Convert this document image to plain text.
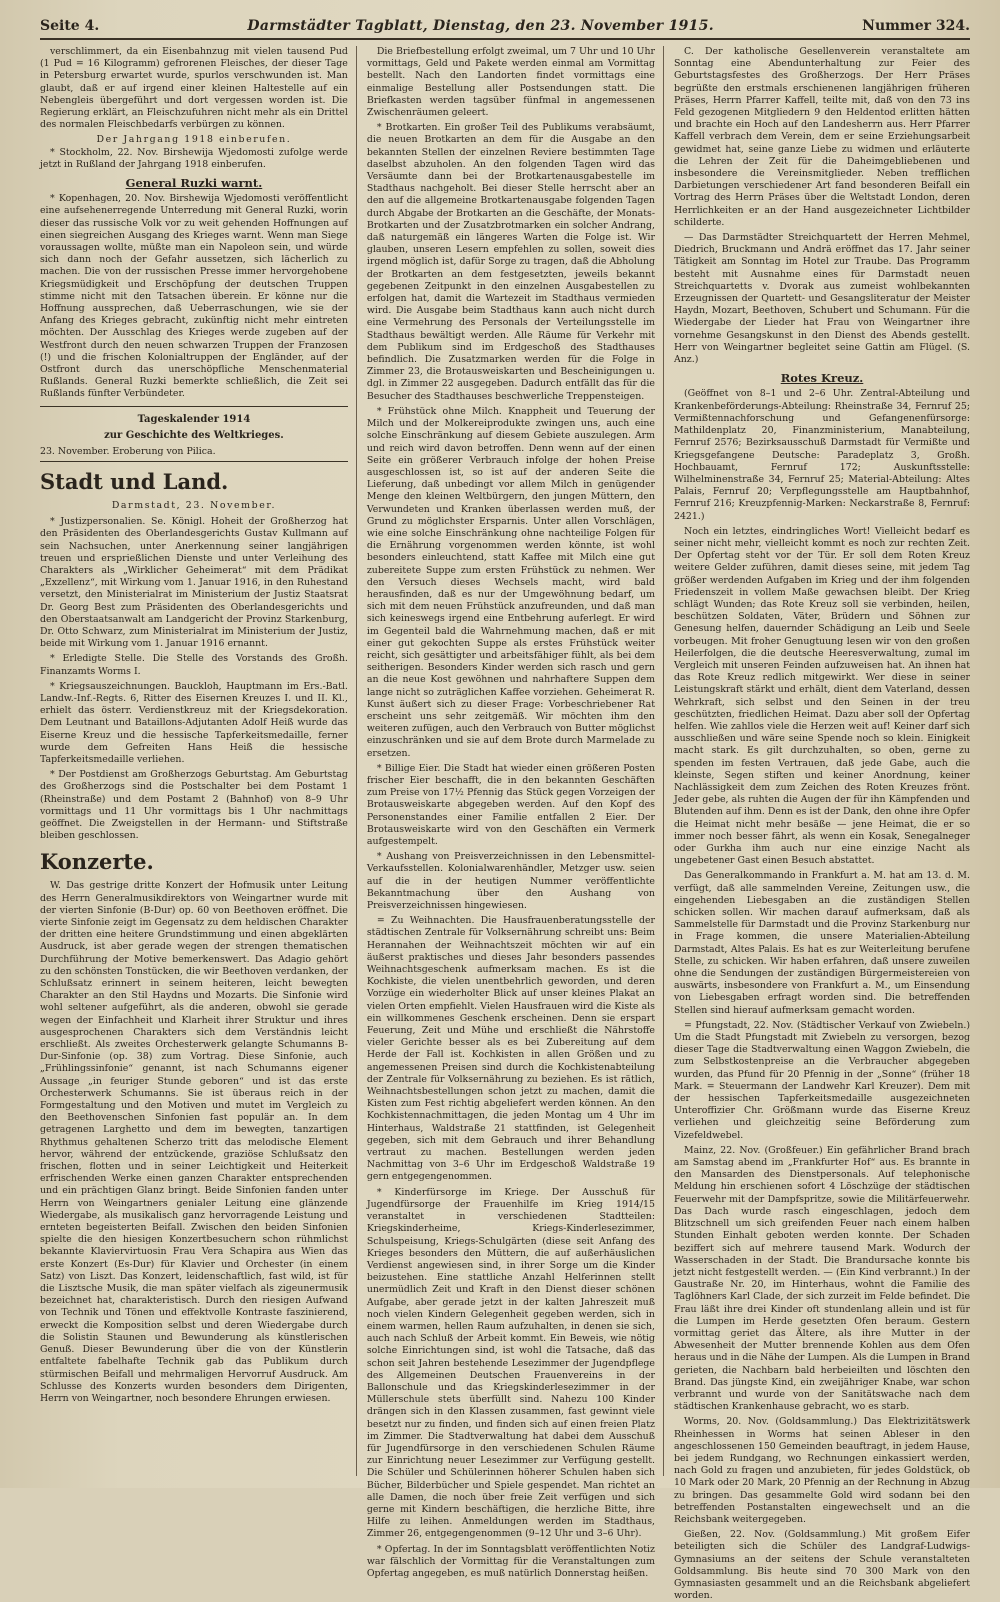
Seite 4.	Darmstädter Tagblatt, Dienstag, den 23. November 1915.	Nummer 324.

verschlimmert, da ein Eisenbahnzug mit vielen tausend Pud (1 Pud = 16 Kilogramm) gefrorenen Fleisches, der dieser Tage in Petersburg erwartet wurde, spurlos verschwunden ist. Man glaubt, daß er auf irgend einer kleinen Haltestelle auf ein Nebengleis übergeführt und dort vergessen worden ist. Die Regierung erklärt, an Fleischzufuhren nicht mehr als ein Drittel des normalen Fleischbedarfs verbürgen zu können.

Der Jahrgang 1918 einberufen.

* Stockholm, 22. Nov. Birshewija Wjedomosti zufolge werde jetzt in Rußland der Jahrgang 1918 einberufen.

General Ruzki warnt.

* Kopenhagen, 20. Nov. Birshewija Wjedomosti veröffentlicht eine aufsehenerregende Unterredung mit General Ruzki, worin dieser das russische Volk vor zu weit gehenden Hoffnungen auf einen siegreichen Ausgang des Krieges warnt. Wenn man Siege voraussagen wollte, müßte man ein Napoleon sein, und würde sich dann noch der Gefahr aussetzen, sich lächerlich zu machen. Die von der russischen Presse immer hervorgehobene Kriegsmüdigkeit und Erschöpfung der deutschen Truppen stimme nicht mit den Tatsachen überein. Er könne nur die Hoffnung aussprechen, daß Ueberraschungen, wie sie der Anfang des Krieges gebracht, zukünftig nicht mehr eintreten möchten. Der Ausschlag des Krieges werde zugeben auf der Westfront durch den neuen schwarzen Truppen der Franzosen (!) und die frischen Kolonialtruppen der Engländer, auf der Ostfront durch das unerschöpfliche Menschenmaterial Rußlands. General Ruzki bemerkte schließlich, die Zeit sei Rußlands fünfter Verbündeter.

Tageskalender 1914
zur Geschichte des Weltkrieges.
23. November. Eroberung von Pilica.
Stadt und Land.
Darmstadt, 23. November.

* Justizpersonalien. Se. Königl. Hoheit der Großherzog hat den Präsidenten des Oberlandesgerichts Gustav Kullmann auf sein Nachsuchen, unter Anerkennung seiner langjährigen treuen und ersprießlichen Dienste und unter Verleihung des Charakters als „Wirklicher Geheimerat“ mit dem Prädikat „Exzellenz“, mit Wirkung vom 1. Januar 1916, in den Ruhestand versetzt, den Ministerialrat im Ministerium der Justiz Staatsrat Dr. Georg Best zum Präsidenten des Oberlandesgerichts und den Oberstaatsanwalt am Landgericht der Provinz Starkenburg, Dr. Otto Schwarz, zum Ministerialrat im Ministerium der Justiz, beide mit Wirkung vom 1. Januar 1916 ernannt.

* Erledigte Stelle. Die Stelle des Vorstands des Großh. Finanzamts Worms I.

* Kriegsauszeichnungen. Bauckloh, Hauptmann im Ers.-Batl. Landw.-Inf.-Regts. 6, Ritter des Eisernen Kreuzes I. und II. Kl., erhielt das österr. Verdienstkreuz mit der Kriegsdekoration. Dem Leutnant und Bataillons-Adjutanten Adolf Heiß wurde das Eiserne Kreuz und die hessische Tapferkeitsmedaille, ferner wurde dem Gefreiten Hans Heiß die hessische Tapferkeitsmedaille verliehen.

* Der Postdienst am Großherzogs Geburtstag. Am Geburtstag des Großherzogs sind die Postschalter bei dem Postamt 1 (Rheinstraße) und dem Postamt 2 (Bahnhof) von 8–9 Uhr vormittags und 11 Uhr vormittags bis 1 Uhr nachmittags geöffnet. Die Zweigstellen in der Hermann- und Stiftstraße bleiben geschlossen.

Konzerte.

W. Das gestrige dritte Konzert der Hofmusik unter Leitung des Herrn Generalmusikdirektors von Weingartner wurde mit der vierten Sinfonie (B-Dur) op. 60 von Beethoven eröffnet. Die vierte Sinfonie zeigt im Gegensatz zu dem heldischen Charakter der dritten eine heitere Grundstimmung und einen abgeklärten Ausdruck, ist aber gerade wegen der strengen thematischen Durchführung der Motive bemerkenswert. Das Adagio gehört zu den schönsten Tonstücken, die wir Beethoven verdanken, der Schlußsatz erinnert in seinem heiteren, leicht bewegten Charakter an den Stil Haydns und Mozarts. Die Sinfonie wird wohl seltener aufgeführt, als die anderen, obwohl sie gerade wegen der Einfachheit und Klarheit ihrer Struktur und ihres ausgesprochenen Charakters sich dem Verständnis leicht erschließt. Als zweites Orchesterwerk gelangte Schumanns B-Dur-Sinfonie (op. 38) zum Vortrag. Diese Sinfonie, auch „Frühlingssinfonie“ genannt, ist nach Schumanns eigener Aussage „in feuriger Stunde geboren“ und ist das erste Orchesterwerk Schumanns. Sie ist überaus reich in der Formgestaltung und den Motiven und mutet im Vergleich zu den Beethovenschen Sinfonien fast populär an. In dem getragenen Larghetto und dem im bewegten, tanzartigen Rhythmus gehaltenen Scherzo tritt das melodische Element hervor, während der entzückende, graziöse Schlußsatz den frischen, flotten und in seiner Leichtigkeit und Heiterkeit erfrischenden Werke einen ganzen Charakter entsprechenden und ein prächtigen Glanz bringt. Beide Sinfonien fanden unter Herrn von Weingartners genialer Leitung eine glänzende Wiedergabe, als musikalisch ganz hervorragende Leistung und ernteten begeisterten Beifall. Zwischen den beiden Sinfonien spielte die den hiesigen Konzertbesuchern schon rühmlichst bekannte Klaviervirtuosin Frau Vera Schapira aus Wien das erste Konzert (Es-Dur) für Klavier und Orchester (in einem Satz) von Liszt. Das Konzert, leidenschaftlich, fast wild, ist für die Lisztsche Musik, die man später vielfach als zigeunermusik bezeichnet hat, charakteristisch. Durch den riesigen Aufwand von Technik und Tönen und effektvolle Kontraste faszinierend, erweckt die Komposition selbst und deren Wiedergabe durch die Solistin Staunen und Bewunderung als künstlerischen Genuß. Dieser Bewunderung über die von der Künstlerin entfaltete fabelhafte Technik gab das Publikum durch stürmischen Beifall und mehrmaligen Hervorruf Ausdruck. Am Schlusse des Konzerts wurden besonders dem Dirigenten, Herrn von Weingartner, noch besondere Ehrungen erwiesen.

Die Briefbestellung erfolgt zweimal, um 7 Uhr und 10 Uhr vormittags, Geld und Pakete werden einmal am Vormittag bestellt. Nach den Landorten findet vormittags eine einmalige Bestellung aller Postsendungen statt. Die Briefkasten werden tagsüber fünfmal in angemessenen Zwischenräumen geleert.

* Brotkarten. Ein großer Teil des Publikums verabsäumt, die neuen Brotkarten an dem für die Ausgabe an den bekannten Stellen der einzelnen Reviere bestimmten Tage daselbst abzuholen. An den folgenden Tagen wird das Versäumte dann bei der Brotkartenausgabestelle im Stadthaus nachgeholt. Bei dieser Stelle herrscht aber an den auf die allgemeine Brotkartenausgabe folgenden Tagen durch Abgabe der Brotkarten an die Geschäfte, der Monats-Brotkarten und der Zusatzbrotmarken ein solcher Andrang, daß naturgemäß ein längeres Warten die Folge ist. Wir glauben, unseren Lesern empfehlen zu sollen, soweit dies irgend möglich ist, dafür Sorge zu tragen, daß die Abholung der Brotkarten an dem festgesetzten, jeweils bekannt gegebenen Zeitpunkt in den einzelnen Ausgabestellen zu erfolgen hat, damit die Wartezeit im Stadthaus vermieden wird. Die Ausgabe beim Stadthaus kann auch nicht durch eine Vermehrung des Personals der Verteilungsstelle im Stadthaus bewältigt werden. Alle Räume für Verkehr mit dem Publikum sind im Erdgeschoß des Stadthauses befindlich. Die Zusatzmarken werden für die Folge in Zimmer 23, die Brotausweiskarten und Bescheinigungen u. dgl. in Zimmer 22 ausgegeben. Dadurch entfällt das für die Besucher des Stadthauses beschwerliche Treppensteigen.

* Frühstück ohne Milch. Knappheit und Teuerung der Milch und der Molkereiprodukte zwingen uns, auch eine solche Einschränkung auf diesem Gebiete auszulegen. Arm und reich wird davon betroffen. Denn wenn auf der einen Seite ein größerer Verbrauch infolge der hohen Preise ausgeschlossen ist, so ist auf der anderen Seite die Lieferung, daß unbedingt vor allem Milch in genügender Menge den kleinen Weltbürgern, den jungen Müttern, den Verwundeten und Kranken überlassen werden muß, der Grund zu möglichster Ersparnis. Unter allen Vorschlägen, wie eine solche Einschränkung ohne nachteilige Folgen für die Ernährung vorgenommen werden könnte, ist wohl besonders einleuchtend, statt Kaffee mit Milch eine gut zubereitete Suppe zum ersten Frühstück zu nehmen. Wer den Versuch dieses Wechsels macht, wird bald herausfinden, daß es nur der Umgewöhnung bedarf, um sich mit dem neuen Frühstück anzufreunden, und daß man sich keineswegs irgend eine Entbehrung auferlegt. Er wird im Gegenteil bald die Wahrnehmung machen, daß er mit einer gut gekochten Suppe als erstes Frühstück weiter reicht, sich gesättigter und arbeitsfähiger fühlt, als bei dem seitherigen. Besonders Kinder werden sich rasch und gern an die neue Kost gewöhnen und nahrhaftere Suppen dem lange nicht so zuträglichen Kaffee vorziehen. Geheimerat R. Kunst äußert sich zu dieser Frage: Vorbeschriebener Rat erscheint uns sehr zeitgemäß. Wir möchten ihm den weiteren zufügen, auch den Verbrauch von Butter möglichst einzuschränken und sie auf dem Brote durch Marmelade zu ersetzen.

* Billige Eier. Die Stadt hat wieder einen größeren Posten frischer Eier beschafft, die in den bekannten Geschäften zum Preise von 17½ Pfennig das Stück gegen Vorzeigen der Brotausweiskarte abgegeben werden. Auf den Kopf des Personenstandes einer Familie entfallen 2 Eier. Der Brotausweiskarte wird von den Geschäften ein Vermerk aufgestempelt.

* Aushang von Preisverzeichnissen in den Lebensmittel-Verkaufsstellen. Kolonialwarenhändler, Metzger usw. seien auf die in der heutigen Nummer veröffentlichte Bekanntmachung über den Aushang von Preisverzeichnissen hingewiesen.

= Zu Weihnachten. Die Hausfrauenberatungsstelle der städtischen Zentrale für Volksernährung schreibt uns: Beim Herannahen der Weihnachtszeit möchten wir auf ein äußerst praktisches und dieses Jahr besonders passendes Weihnachtsgeschenk aufmerksam machen. Es ist die Kochkiste, die vielen unentbehrlich geworden, und deren Vorzüge ein wiederholter Blick auf unser kleines Plakat an vielen Orten empfiehlt. Vielen Hausfrauen wird die Kiste als ein willkommenes Geschenk erscheinen. Denn sie erspart Feuerung, Zeit und Mühe und erschließt die Nährstoffe vieler Gerichte besser als es bei Zubereitung auf dem Herde der Fall ist. Kochkisten in allen Größen und zu angemessenen Preisen sind durch die Kochkistenabteilung der Zentrale für Volksernährung zu beziehen. Es ist rätlich, Weihnachtsbestellungen schon jetzt zu machen, damit die Kisten zum Fest richtig abgeliefert werden können. An den Kochkistennachmittagen, die jeden Montag um 4 Uhr im Hinterhaus, Waldstraße 21 stattfinden, ist Gelegenheit gegeben, sich mit dem Gebrauch und ihrer Behandlung vertraut zu machen. Bestellungen werden jeden Nachmittag von 3–6 Uhr im Erdgeschoß Waldstraße 19 gern entgegengenommen.

* Kinderfürsorge im Kriege. Der Ausschuß für Jugendfürsorge der Frauenhilfe im Krieg 1914/15 veranstaltet in verschiedenen Stadtteilen: Kriegskinderheime, Kriegs-Kinderlesezimmer, Schulspeisung, Kriegs-Schulgärten (diese seit Anfang des Krieges besonders den Müttern, die auf außerhäuslichen Verdienst angewiesen sind, in ihrer Sorge um die Kinder beizustehen. Eine stattliche Anzahl Helferinnen stellt unermüdlich Zeit und Kraft in den Dienst dieser schönen Aufgabe, aber gerade jetzt in der kalten Jahreszeit muß noch vielen Kindern Gelegenheit gegeben werden, sich in einem warmen, hellen Raum aufzuhalten, in denen sie sich, auch nach Schluß der Arbeit kommt. Ein Beweis, wie nötig solche Einrichtungen sind, ist wohl die Tatsache, daß das schon seit Jahren bestehende Lesezimmer der Jugendpflege des Allgemeinen Deutschen Frauenvereins in der Ballonschule und das Kriegskinderlesezimmer in der Müllerschule stets überfüllt sind. Nahezu 100 Kinder drängen sich in den Klassen zusammen, fast gewinnt viele besetzt nur zu finden, und finden sich auf einen freien Platz im Zimmer. Die Stadtverwaltung hat dabei dem Ausschuß für Jugendfürsorge in den verschiedenen Schulen Räume zur Einrichtung neuer Lesezimmer zur Verfügung gestellt. Die Schüler und Schülerinnen höherer Schulen haben sich Bücher, Bilderbücher und Spiele gespendet. Man richtet an alle Damen, die noch über freie Zeit verfügen und sich gerne mit Kindern beschäftigen, die herzliche Bitte, ihre Hilfe zu leihen. Anmeldungen werden im Stadthaus, Zimmer 26, entgegengenommen (9–12 Uhr und 3–6 Uhr).

* Opfertag. In der im Sonntagsblatt veröffentlichten Notiz war fälschlich der Vormittag für die Veranstaltungen zum Opfertag angegeben, es muß natürlich Donnerstag heißen.

C. Der katholische Gesellenverein veranstaltete am Sonntag eine Abendunterhaltung zur Feier des Geburtstagsfestes des Großherzogs. Der Herr Präses begrüßte den erstmals erschienenen langjährigen früheren Präses, Herrn Pfarrer Kaffell, teilte mit, daß von den 73 ins Feld gezogenen Mitgliedern 9 den Heldentod erlitten hätten und brachte ein Hoch auf den Landesherrn aus. Herr Pfarrer Kaffell verbrach dem Verein, dem er seine Erziehungsarbeit gewidmet hat, seine ganze Liebe zu widmen und erläuterte die Lehren der Zeit für die Daheimgebliebenen und insbesondere die Vereinsmitglieder. Neben trefflichen Darbietungen verschiedener Art fand besonderen Beifall ein Vortrag des Herrn Präses über die Weltstadt London, deren Herrlichkeiten er an der Hand ausgezeichneter Lichtbilder schilderte.

— Das Darmstädter Streichquartett der Herren Mehmel, Diedrich, Bruckmann und Andrä eröffnet das 17. Jahr seiner Tätigkeit am Sonntag im Hotel zur Traube. Das Programm besteht mit Ausnahme eines für Darmstadt neuen Streichquartetts v. Dvorak aus zumeist wohlbekannten Erzeugnissen der Quartett- und Gesangsliteratur der Meister Haydn, Mozart, Beethoven, Schubert und Schumann. Für die Wiedergabe der Lieder hat Frau von Weingartner ihre vornehme Gesangskunst in den Dienst des Abends gestellt. Herr von Weingartner begleitet seine Gattin am Flügel. (S. Anz.)

Rotes Kreuz.

(Geöffnet von 8–1 und 2–6 Uhr. Zentral-Abteilung und Krankenbeförderungs-Abteilung: Rheinstraße 34, Fernruf 25; Vermißtennachforschung und Gefangenenfürsorge: Mathildenplatz 20, Finanzministerium, Manabteilung, Fernruf 2576; Bezirksausschuß Darmstadt für Vermißte und Kriegsgefangene Deutsche: Paradeplatz 3, Großh. Hochbauamt, Fernruf 172; Auskunftsstelle: Wilhelminenstraße 34, Fernruf 25; Material-Abteilung: Altes Palais, Fernruf 20; Verpflegungsstelle am Hauptbahnhof, Fernruf 216; Kreuzpfennig-Marken: Neckarstraße 8, Fernruf: 2421.)

Noch ein letztes, eindringliches Wort! Vielleicht bedarf es seiner nicht mehr, vielleicht kommt es noch zur rechten Zeit. Der Opfertag steht vor der Tür. Er soll dem Roten Kreuz weitere Gelder zuführen, damit dieses seine, mit jedem Tag größer werdenden Aufgaben im Krieg und der ihm folgenden Friedenszeit in vollem Maße gewachsen bleibt. Der Krieg schlägt Wunden; das Rote Kreuz soll sie verbinden, heilen, beschützen Soldaten, Väter, Brüdern und Söhnen zur Genesung helfen, dauernder Schädigung an Leib und Seele vorbeugen. Mit froher Genugtuung lesen wir von den großen Heilerfolgen, die die deutsche Heeresverwaltung, zumal im Vergleich mit unseren Feinden aufzuweisen hat. An ihnen hat das Rote Kreuz redlich mitgewirkt. Wer diese in seiner Leistungskraft stärkt und erhält, dient dem Vaterland, dessen Wehrkraft, sich selbst und den Seinen in der treu geschützten, friedlichen Heimat. Dazu aber soll der Opfertag helfen. Wie zahllos viele die Herzen weit auf! Keiner darf sich ausschließen und wäre seine Spende noch so klein. Einigkeit macht stark. Es gilt durchzuhalten, so oben, gerne zu spenden im festen Vertrauen, daß jede Gabe, auch die kleinste, Segen stiften und keiner Anordnung, keiner Nachlässigkeit dem zum Zeichen des Roten Kreuzes frönt. Jeder gebe, als ruhten die Augen der für ihn Kämpfenden und Blutenden auf ihm. Denn es ist der Dank, den ohne ihre Opfer die Heimat nicht mehr besäße — jene Heimat, die er so immer noch besser fährt, als wenn ein Kosak, Senegalneger oder Gurkha ihm auch nur eine einzige Nacht als ungebetener Gast einen Besuch abstattet.

Das Generalkommando in Frankfurt a. M. hat am 13. d. M. verfügt, daß alle sammelnden Vereine, Zeitungen usw., die eingehenden Liebesgaben an die zuständigen Stellen schicken sollen. Wir machen darauf aufmerksam, daß als Sammelstelle für Darmstadt und die Provinz Starkenburg nur in Frage kommen, die unsere Materialien-Abteilung Darmstadt, Altes Palais. Es hat es zur Weiterleitung berufene Stelle, zu schicken. Wir haben erfahren, daß unsere zuweilen ohne die Sendungen der zuständigen Bürgermeistereien von auswärts, insbesondere von Frankfurt a. M., um Einsendung von Liebesgaben erfragt worden sind. Die betreffenden Stellen sind hierauf aufmerksam gemacht worden.

= Pfungstadt, 22. Nov. (Städtischer Verkauf von Zwiebeln.) Um die Stadt Pfungstadt mit Zwiebeln zu versorgen, bezog dieser Tage die Stadtverwaltung einen Waggon Zwiebeln, die zum Selbstkostenpreise an die Verbraucher abgegeben wurden, das Pfund für 20 Pfennig in der „Sonne“ (früher 18 Mark. = Steuermann der Landwehr Karl Kreuzer). Dem mit der hessischen Tapferkeitsmedaille ausgezeichneten Unteroffizier Chr. Größmann wurde das Eiserne Kreuz verliehen und gleichzeitig seine Beförderung zum Vizefeldwebel.

Mainz, 22. Nov. (Großfeuer.) Ein gefährlicher Brand brach am Samstag abend im „Frankfurter Hof“ aus. Es brannte in den Mansarden des Dienstpersonals. Auf telephonische Meldung hin erschienen sofort 4 Löschzüge der städtischen Feuerwehr mit der Dampfspritze, sowie die Militärfeuerwehr. Das Dach wurde rasch eingeschlagen, jedoch dem Blitzschnell um sich greifenden Feuer nach einem halben Stunden Einhalt geboten werden konnte. Der Schaden beziffert sich auf mehrere tausend Mark. Wodurch der Wasserschaden in der Stadt. Die Brandursache konnte bis jetzt nicht festgestellt werden. — (Ein Kind verbrannt.) In der Gaustraße Nr. 20, im Hinterhaus, wohnt die Familie des Taglöhners Karl Clade, der sich zurzeit im Felde befindet. Die Frau läßt ihre drei Kinder oft stundenlang allein und ist für die Lumpen im Herde gesetzten Ofen beraum. Gestern vormittag geriet das Ältere, als ihre Mutter in der Abwesenheit der Mutter brennende Kohlen aus dem Ofen heraus und in die Nähe der Lumpen. Als die Lumpen in Brand gerieten, die Nachbarn bald herbeieilten und löschten den Brand. Das jüngste Kind, ein zweijähriger Knabe, war schon verbrannt und wurde von der Sanitätswache nach dem städtischen Krankenhause gebracht, wo es starb.

Worms, 20. Nov. (Goldsammlung.) Das Elektrizitätswerk Rheinhessen in Worms hat seinen Ableser in den angeschlossenen 150 Gemeinden beauftragt, in jedem Hause, bei jedem Rundgang, wo Rechnungen einkassiert werden, nach Gold zu fragen und anzubieten, für jedes Goldstück, ob 10 Mark oder 20 Mark, 20 Pfennig an der Rechnung in Abzug zu bringen. Das gesammelte Gold wird sodann bei den betreffenden Postanstalten eingewechselt und an die Reichsbank weitergegeben.

Gießen, 22. Nov. (Goldsammlung.) Mit großem Eifer beteiligten sich die Schüler des Landgraf-Ludwigs-Gymnasiums an der seitens der Schule veranstalteten Goldsammlung. Bis heute sind 70 300 Mark von den Gymnasiasten gesammelt und an die Reichsbank abgeliefert worden.
